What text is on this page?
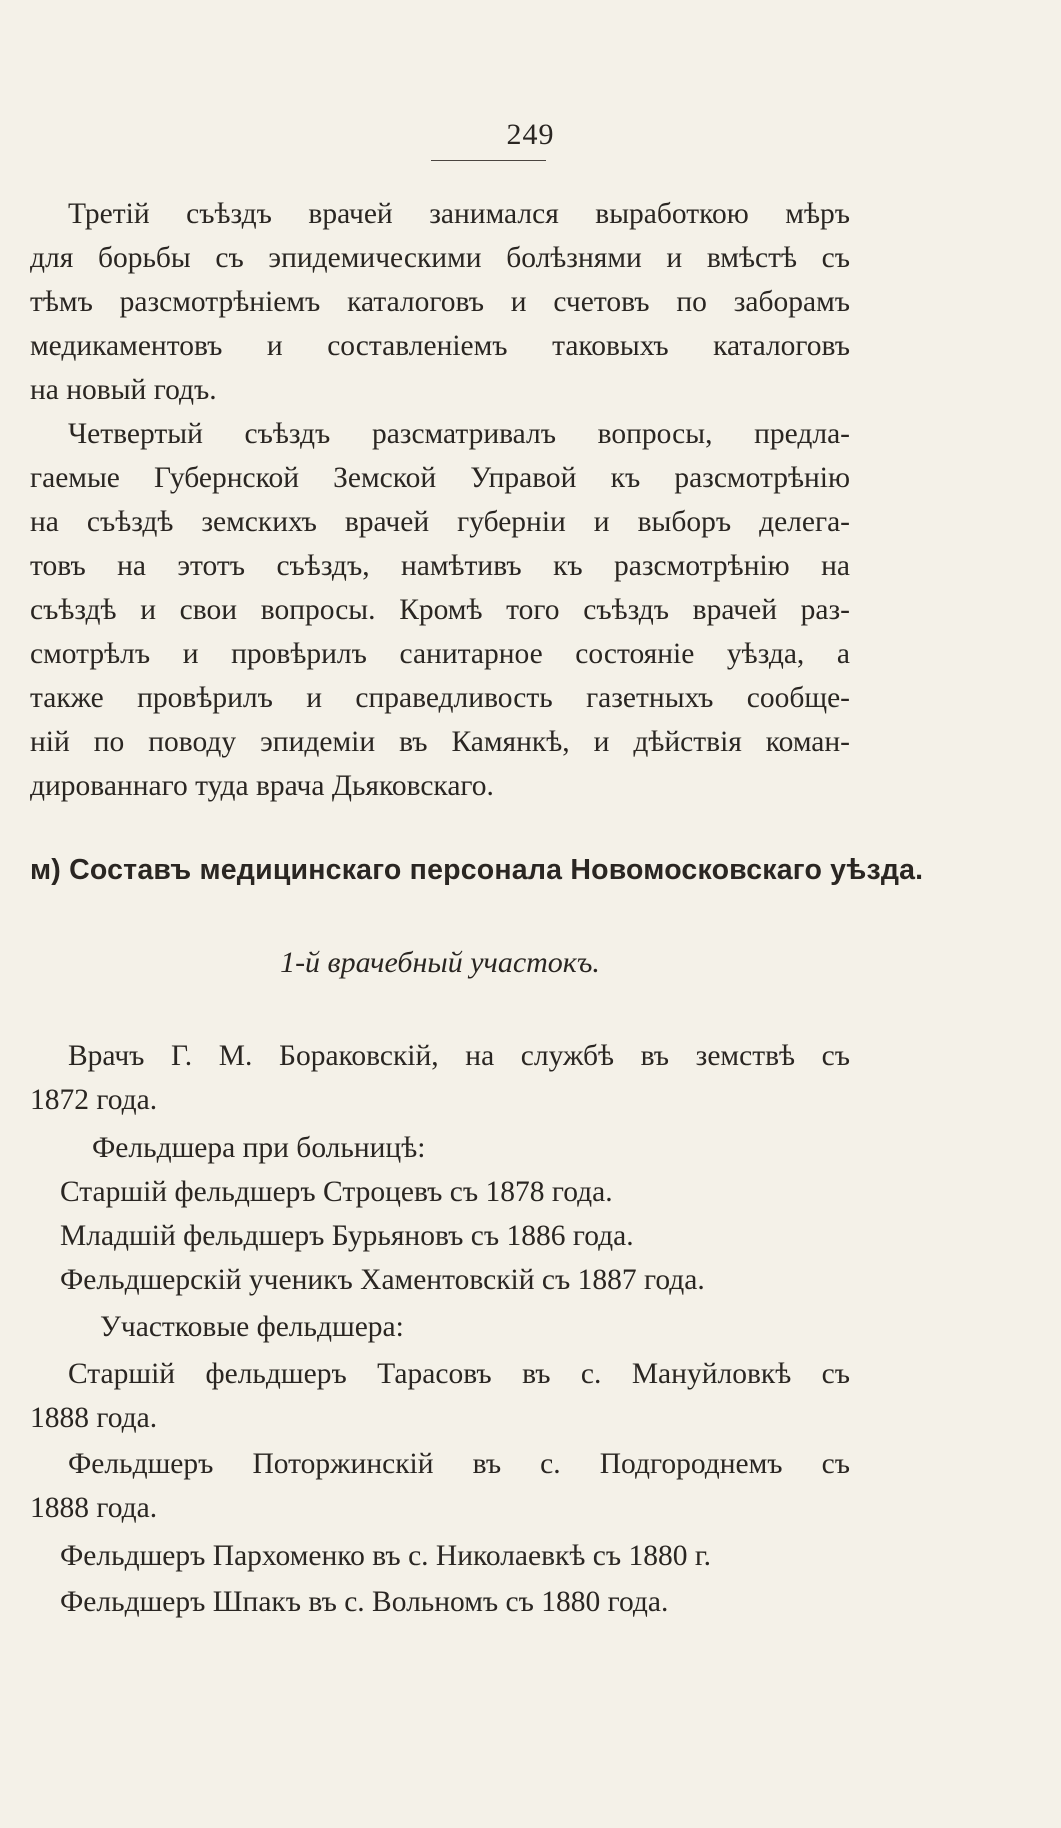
249

Третій съѣздъ врачей занимался выработкою мѣръ
для борьбы съ эпидемическими болѣзнями и вмѣстѣ съ
тѣмъ разсмотрѣніемъ каталоговъ и счетовъ по заборамъ
медикаментовъ и составленіемъ таковыхъ каталоговъ
на новый годъ.

Четвертый съѣздъ разсматривалъ вопросы, предла-
гаемые Губернской Земской Управой къ разсмотрѣнію
на съѣздѣ земскихъ врачей губерніи и выборъ делега-
товъ на этотъ съѣздъ, намѣтивъ къ разсмотрѣнію на
съѣздѣ и свои вопросы. Кромѣ того съѣздъ врачей раз-
смотрѣлъ и провѣрилъ санитарное состояніе уѣзда, а
также провѣрилъ и справедливость газетныхъ сообще-
ній по поводу эпидеміи въ Камянкѣ, и дѣйствія коман-
дированнаго туда врача Дьяковскаго.

м) Составъ медицинскаго персонала Новомосковскаго уѣзда.
1-й врачебный участокъ.

Врачъ Г. М. Бораковскій, на службѣ въ земствѣ съ
1872 года.

Фельдшера при больницѣ:
Старшій фельдшеръ Строцевъ съ 1878 года.
Младшій фельдшеръ Бурьяновъ съ 1886 года.
Фельдшерскій ученикъ Хаментовскій съ 1887 года.
Участковые фельдшера:

Старшій фельдшеръ Тарасовъ въ с. Мануйловкѣ съ
1888 года.

Фельдшеръ Поторжинскій въ с. Подгороднемъ съ
1888 года.

Фельдшеръ Пархоменко въ с. Николаевкѣ съ 1880 г.
Фельдшеръ Шпакъ въ с. Вольномъ съ 1880 года.
